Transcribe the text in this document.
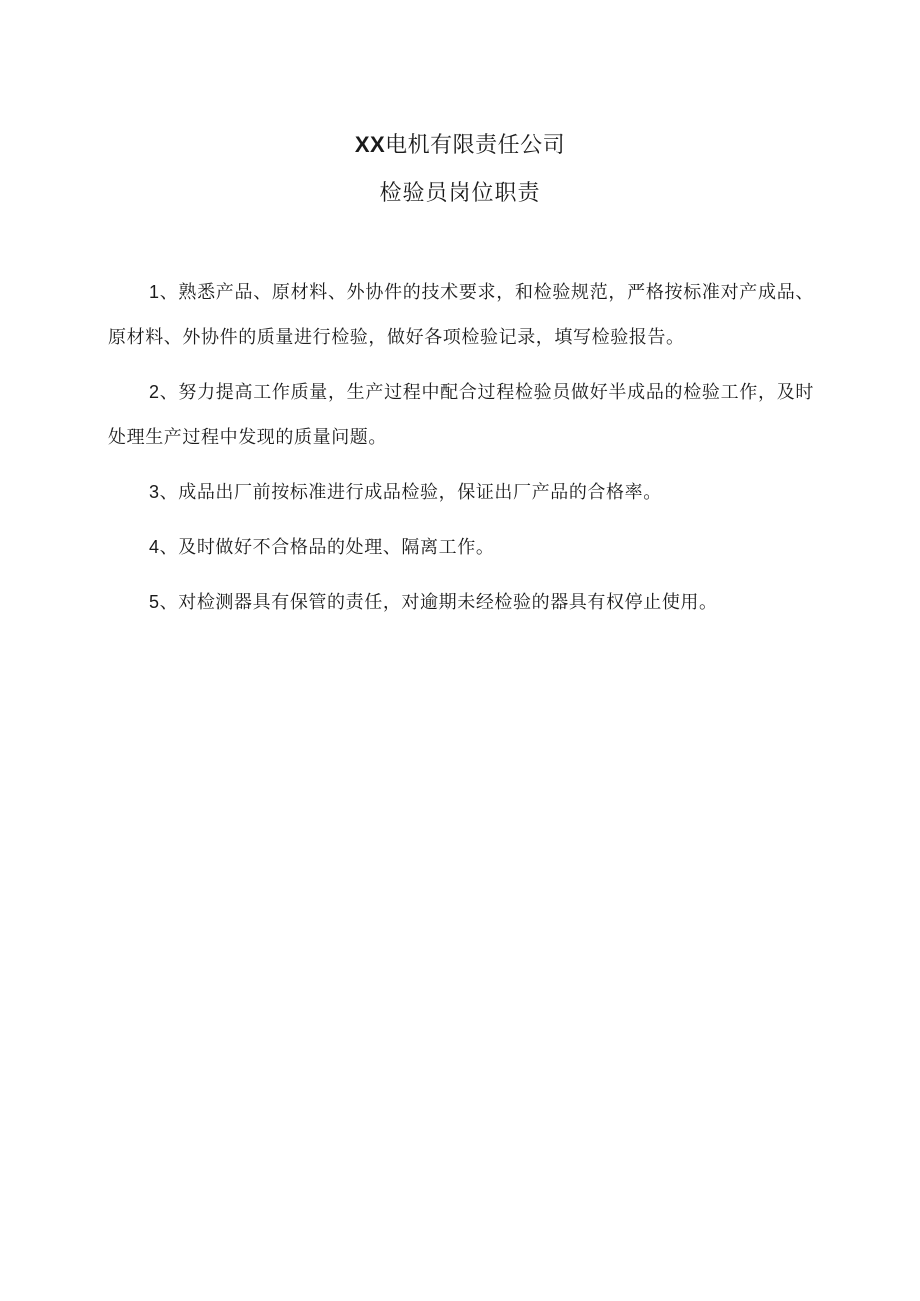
XX电机有限责任公司
检验员岗位职责

1、熟悉产品、原材料、外协件的技术要求，和检验规范，严格按标准对产成品、原材料、外协件的质量进行检验，做好各项检验记录，填写检验报告。

2、努力提高工作质量，生产过程中配合过程检验员做好半成品的检验工作，及时处理生产过程中发现的质量问题。

3、成品出厂前按标准进行成品检验，保证出厂产品的合格率。

4、及时做好不合格品的处理、隔离工作。

5、对检测器具有保管的责任，对逾期未经检验的器具有权停止使用。
